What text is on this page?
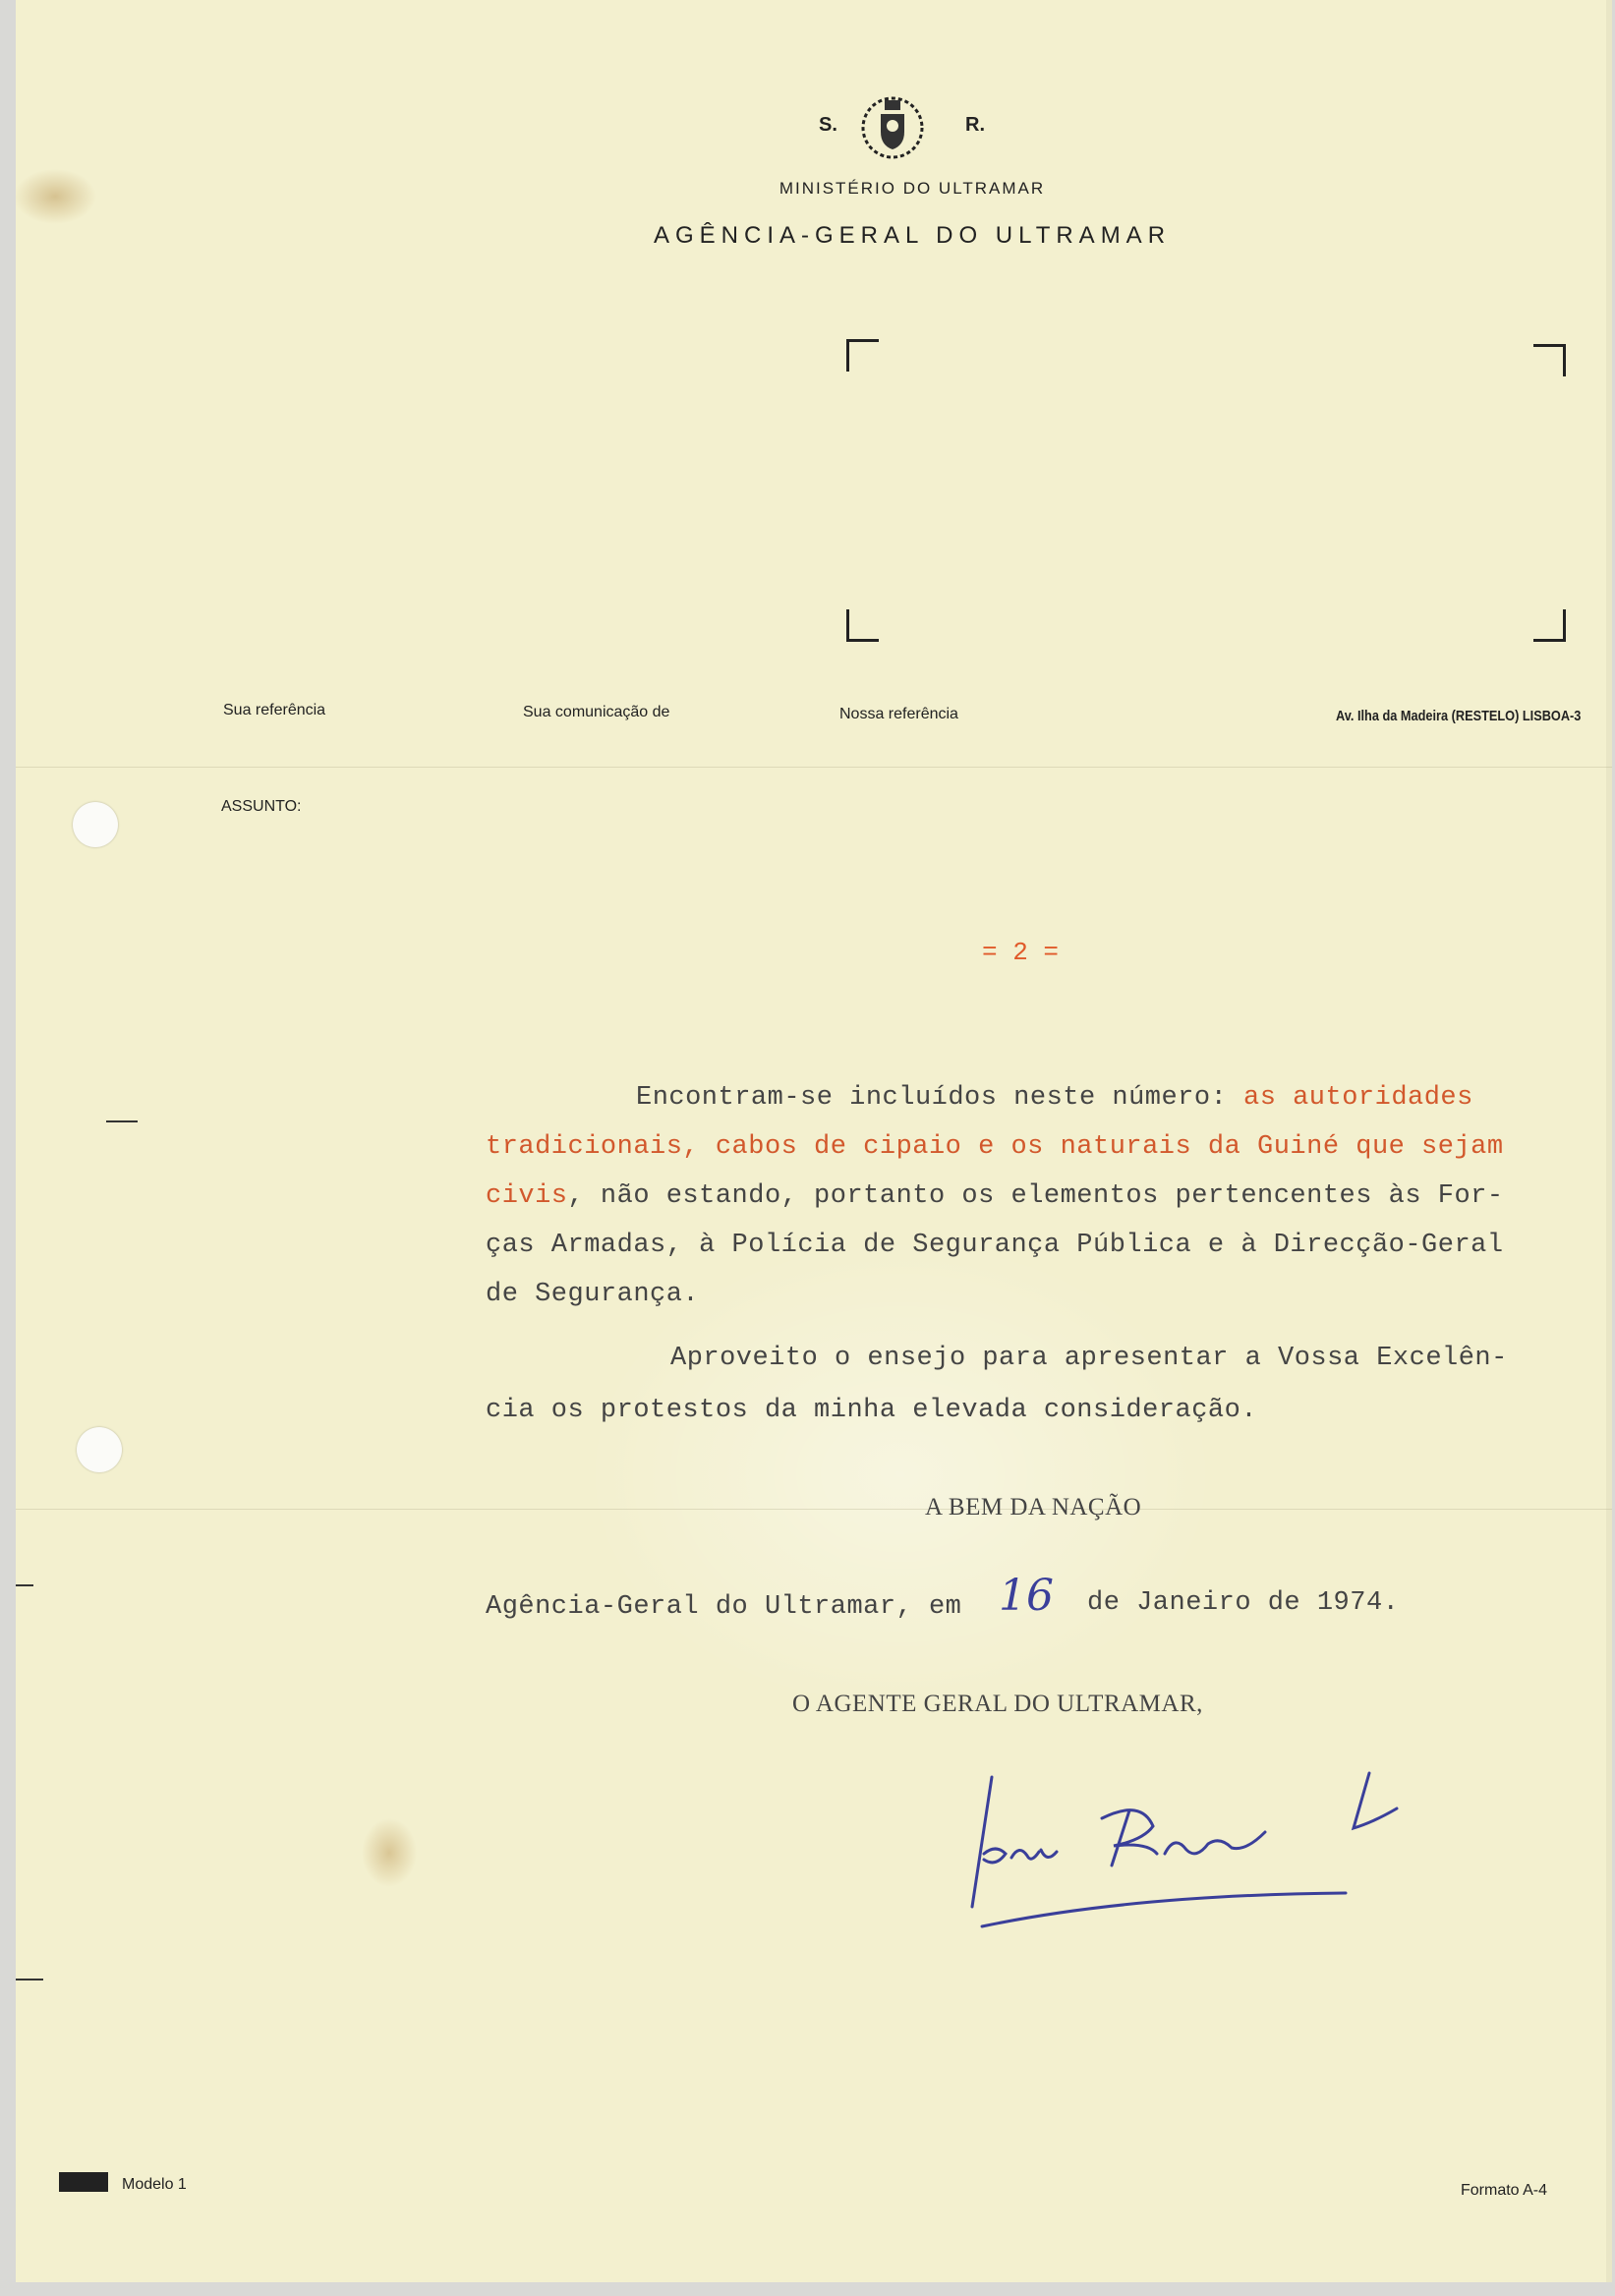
S.	R.
MINISTÉRIO DO ULTRAMAR
AGÊNCIA-GERAL DO ULTRAMAR
Sua referência	Sua comunicação de	Nossa referência	Av. Ilha da Madeira (RESTELO) LISBOA-3
ASSUNTO:
= 2 =
Encontram-se incluídos neste número: as autoridades
tradicionais, cabos de cipaio e os naturais da Guiné que sejam
civis, não estando, portanto os elementos pertencentes às For-
ças Armadas, à Polícia de Segurança Pública e à Direcção-Geral
de Segurança.
Aproveito o ensejo para apresentar a Vossa Excelên-
cia os protestos da minha elevada consideração.
A BEM DA NAÇÃO
Agência-Geral do Ultramar, em 16 de Janeiro de 1974.
O AGENTE GERAL DO ULTRAMAR,
Modelo 1	Formato A-4
